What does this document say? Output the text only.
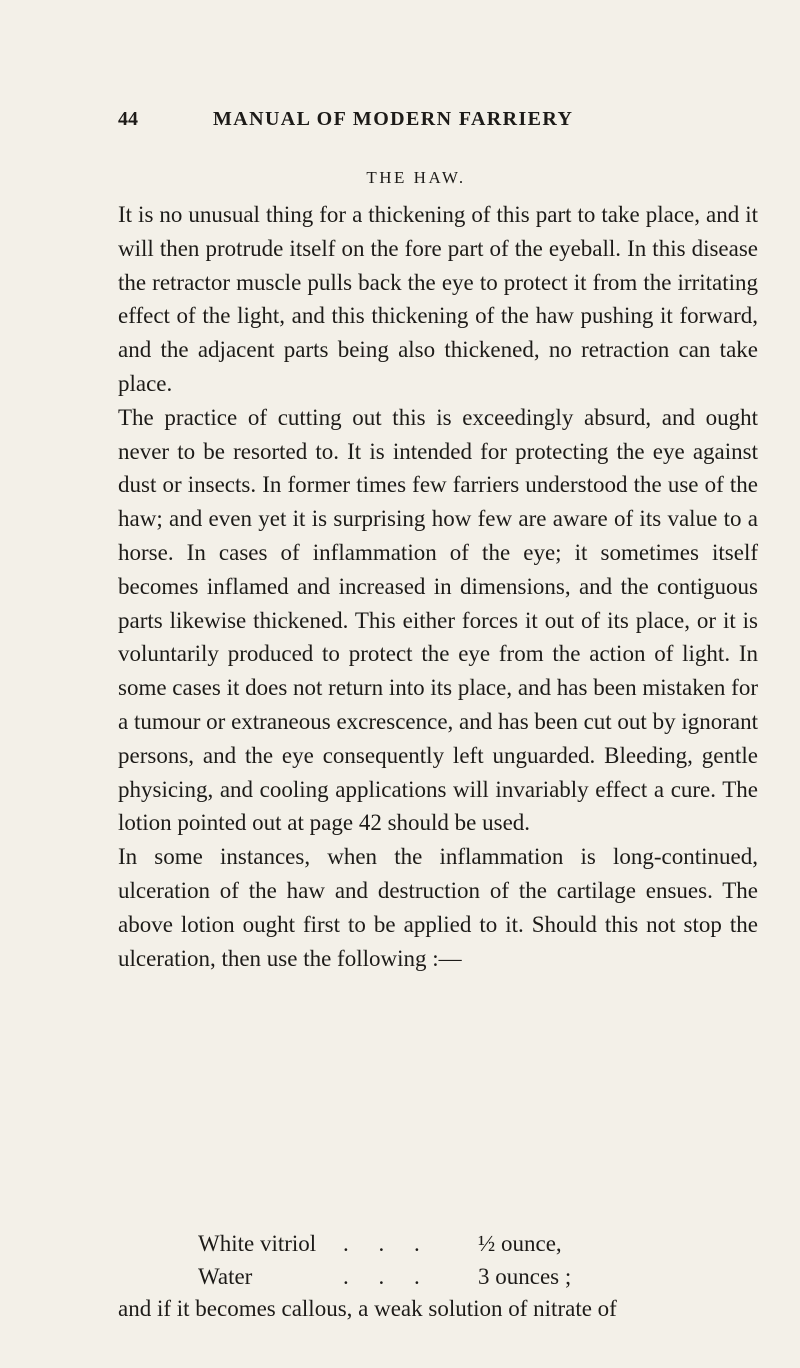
44	MANUAL OF MODERN FARRIERY
THE HAW.

It is no unusual thing for a thickening of this part to take place, and it will then protrude itself on the fore part of the eyeball. In this disease the retractor muscle pulls back the eye to protect it from the irritating effect of the light, and this thickening of the haw pushing it forward, and the adjacent parts being also thickened, no retraction can take place.

The practice of cutting out this is exceedingly absurd, and ought never to be resorted to. It is intended for protecting the eye against dust or insects. In former times few farriers understood the use of the haw; and even yet it is surprising how few are aware of its value to a horse. In cases of inflammation of the eye; it sometimes itself becomes inflamed and increased in dimensions, and the contiguous parts likewise thickened. This either forces it out of its place, or it is voluntarily produced to protect the eye from the action of light. In some cases it does not return into its place, and has been mistaken for a tumour or extraneous excrescence, and has been cut out by ignorant persons, and the eye consequently left unguarded. Bleeding, gentle physicing, and cooling applications will invariably effect a cure. The lotion pointed out at page 42 should be used.

In some instances, when the inflammation is long-continued, ulceration of the haw and destruction of the cartilage ensues. The above lotion ought first to be applied to it. Should this not stop the ulceration, then use the following :—

White vitriol	. . .	½ ounce,
Water	. . .	3 ounces ;
and if it becomes callous, a weak solution of nitrate of
